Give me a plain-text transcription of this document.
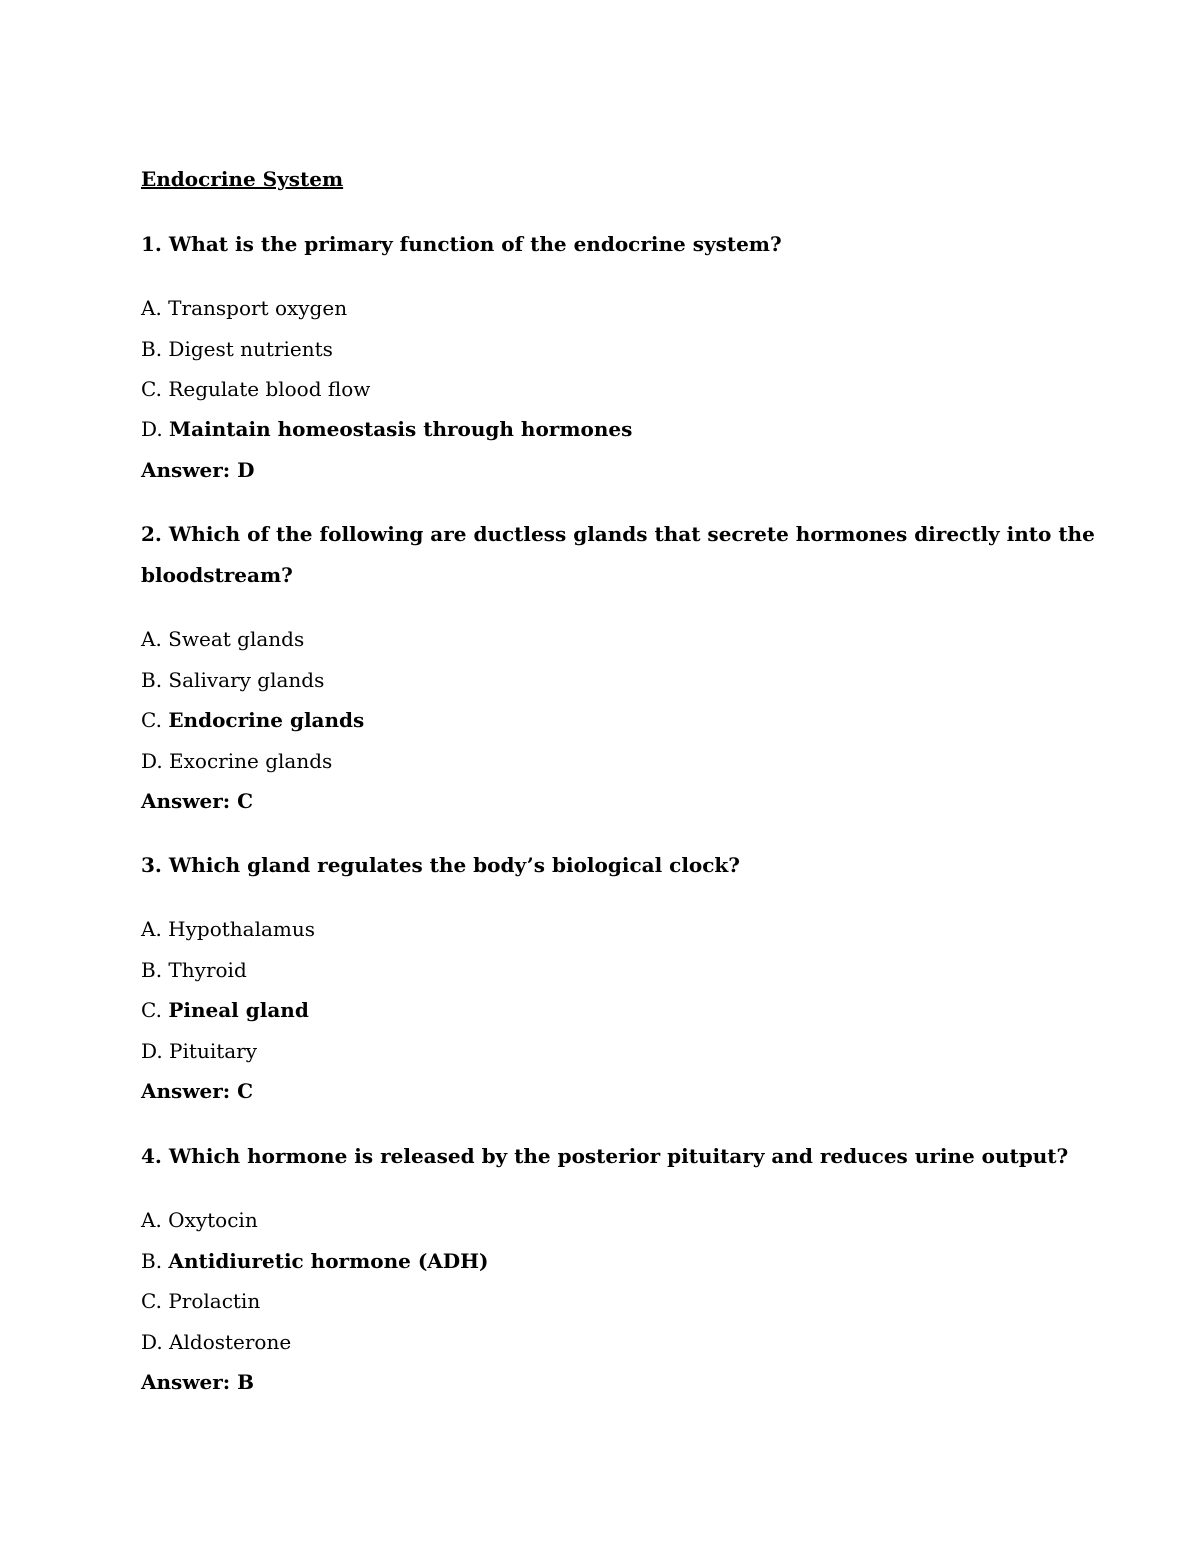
Endocrine System

1. What is the primary function of the endocrine system?

A. Transport oxygen

B. Digest nutrients

C. Regulate blood flow

D. Maintain homeostasis through hormones

Answer: D

2. Which of the following are ductless glands that secrete hormones directly into the

bloodstream?

A. Sweat glands

B. Salivary glands

C. Endocrine glands

D. Exocrine glands

Answer: C

3. Which gland regulates the body’s biological clock?

A. Hypothalamus

B. Thyroid

C. Pineal gland

D. Pituitary

Answer: C

4. Which hormone is released by the posterior pituitary and reduces urine output?

A. Oxytocin

B. Antidiuretic hormone (ADH)

C. Prolactin

D. Aldosterone

Answer: B
